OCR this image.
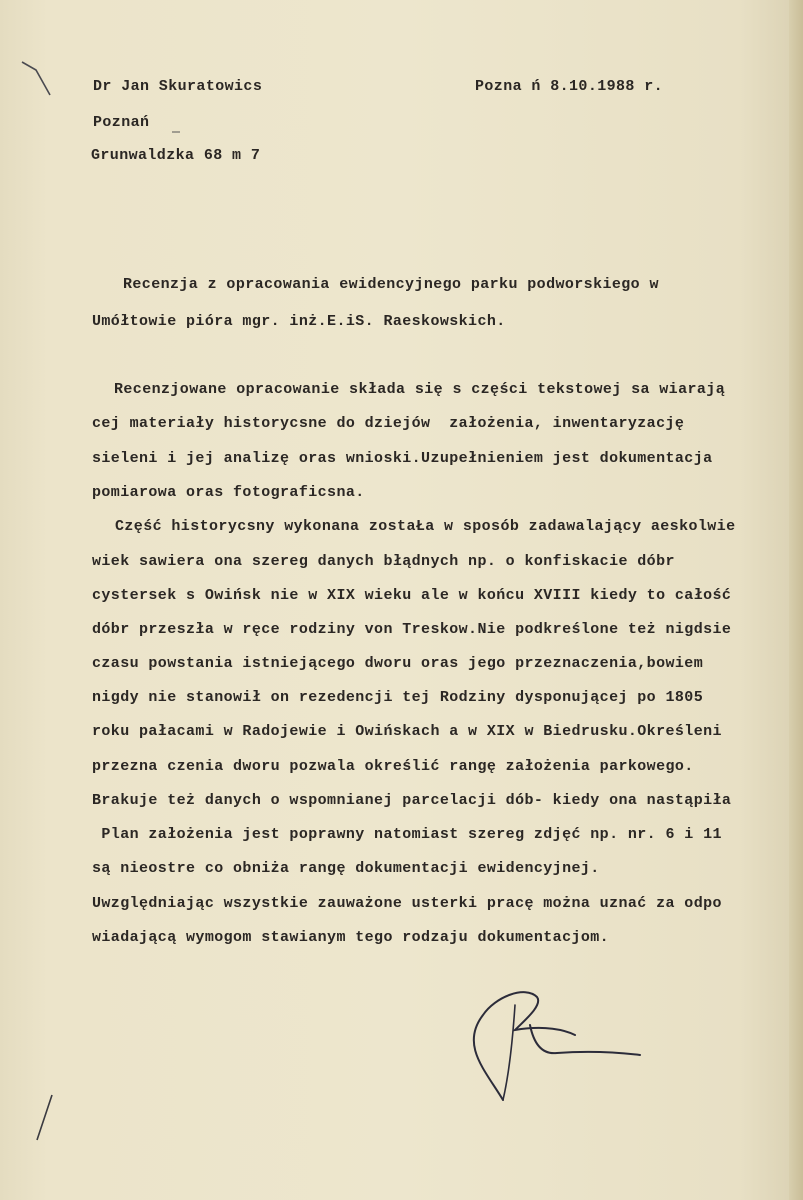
Dr Jan Skuratowics	Pozna ń 8.10.1988 r.
Poznań
Grunwaldzka 68 m 7
Recenzja z opracowania ewidencyjnego parku podworskiego w
Umółtowie pióra mgr. inż.E.iS. Raeskowskich.
Recenzjowane opracowanie składa się s części tekstowej sa wiarają
cej materiały historycsne do dziejów  założenia, inwentaryzację
sieleni i jej analizę oras wnioski.Uzupełnieniem jest dokumentacja
pomiarowa oras fotograficsna.
Część historycsny wykonana zostaŁa w sposób zadawalający aeskolwie
wiek sawiera ona szereg danych błądnych np. o konfiskacie dóbr
cystersek s Owińsk nie w XIX wieku ale w końcu XVIII kiedy to całość
dóbr przeszła w ręce rodziny von Treskow.Nie podkreślone też nigdsie
czasu powstania istniejącego dworu oras jego przeznaczenia,bowiem
nigdy nie stanowił on rezedencji tej Rodziny dysponującej po 1805
roku pałacami w Radojewie i Owińskach a w XIX w Biedrusku.Określeni
przezna czenia dworu pozwala określić rangę założenia parkowego.
Brakuje też danych o wspomnianej parcelacji dób- kiedy ona nastąpiła
Plan założenia jest poprawny natomiast szereg zdjęć np. nr. 6 i 11
są nieostre co obniża rangę dokumentacji ewidencyjnej.
Uwzględniając wszystkie zauważone usterki pracę można uznać za odpo
wiadającą wymogom stawianym tego rodzaju dokumentacjom.
